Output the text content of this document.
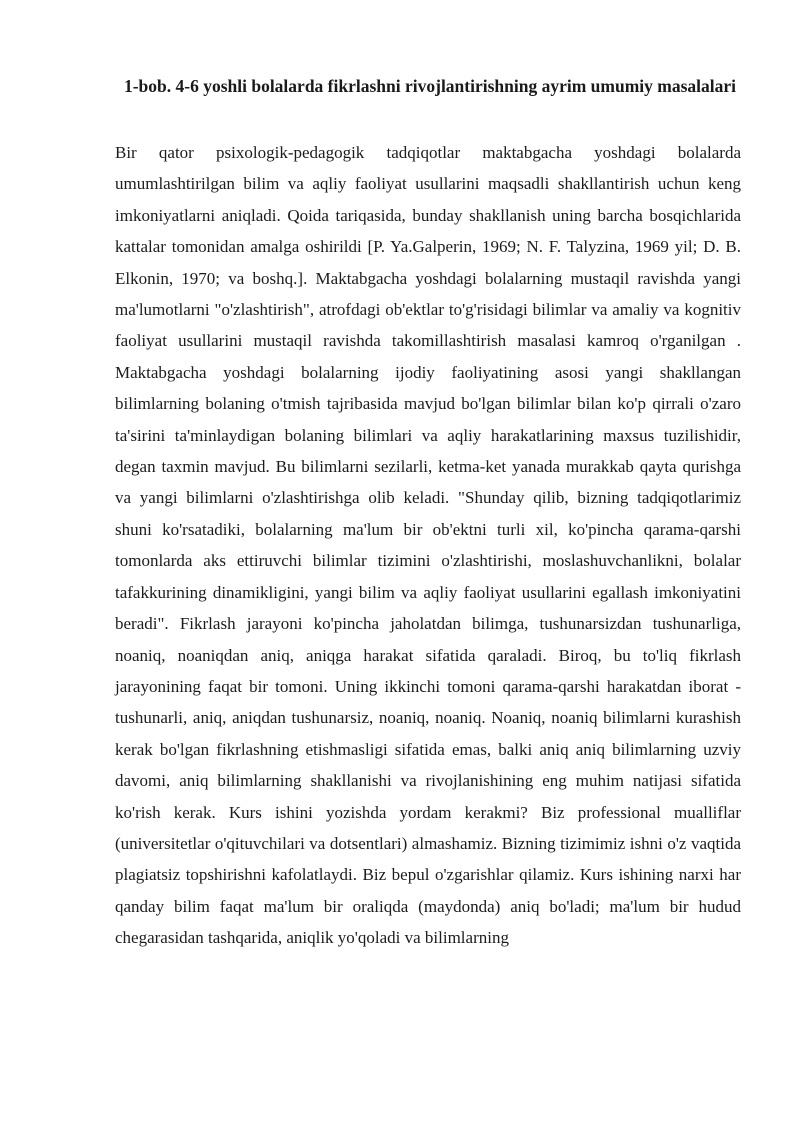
1-bob. 4-6 yoshli bolalarda fikrlashni rivojlantirishning ayrim umumiy masalalari

Bir qator psixologik-pedagogik tadqiqotlar maktabgacha yoshdagi bolalarda umumlashtirilgan bilim va aqliy faoliyat usullarini maqsadli shakllantirish uchun keng imkoniyatlarni aniqladi. Qoida tariqasida, bunday shakllanish uning barcha bosqichlarida kattalar tomonidan amalga oshirildi [P. Ya.Galperin, 1969; N. F. Talyzina, 1969 yil; D. B. Elkonin, 1970; va boshq.]. Maktabgacha yoshdagi bolalarning mustaqil ravishda yangi ma'lumotlarni "o'zlashtirish", atrofdagi ob'ektlar to'g'risidagi bilimlar va amaliy va kognitiv faoliyat usullarini mustaqil ravishda takomillashtirish masalasi kamroq o'rganilgan . Maktabgacha yoshdagi bolalarning ijodiy faoliyatining asosi yangi shakllangan bilimlarning bolaning o'tmish tajribasida mavjud bo'lgan bilimlar bilan ko'p qirrali o'zaro ta'sirini ta'minlaydigan bolaning bilimlari va aqliy harakatlarining maxsus tuzilishidir, degan taxmin mavjud. Bu bilimlarni sezilarli, ketma-ket yanada murakkab qayta qurishga va yangi bilimlarni o'zlashtirishga olib keladi. "Shunday qilib, bizning tadqiqotlarimiz shuni ko'rsatadiki, bolalarning ma'lum bir ob'ektni turli xil, ko'pincha qarama-qarshi tomonlarda aks ettiruvchi bilimlar tizimini o'zlashtirishi, moslashuvchanlikni, bolalar tafakkurining dinamikligini, yangi bilim va aqliy faoliyat usullarini egallash imkoniyatini beradi". Fikrlash jarayoni ko'pincha jaholatdan bilimga, tushunarsizdan tushunarliga, noaniq, noaniqdan aniq, aniqga harakat sifatida qaraladi. Biroq, bu to'liq fikrlash jarayonining faqat bir tomoni. Uning ikkinchi tomoni qarama-qarshi harakatdan iborat - tushunarli, aniq, aniqdan tushunarsiz, noaniq, noaniq. Noaniq, noaniq bilimlarni kurashish kerak bo'lgan fikrlashning etishmasligi sifatida emas, balki aniq aniq bilimlarning uzviy davomi, aniq bilimlarning shakllanishi va rivojlanishining eng muhim natijasi sifatida ko'rish kerak. Kurs ishini yozishda yordam kerakmi? Biz professional mualliflar (universitetlar o'qituvchilari va dotsentlari) almashamiz. Bizning tizimimiz ishni o'z vaqtida plagiatsiz topshirishni kafolatlaydi. Biz bepul o'zgarishlar qilamiz. Kurs ishining narxi har qanday bilim faqat ma'lum bir oraliqda (maydonda) aniq bo'ladi; ma'lum bir hudud chegarasidan tashqarida, aniqlik yo'qoladi va bilimlarning
